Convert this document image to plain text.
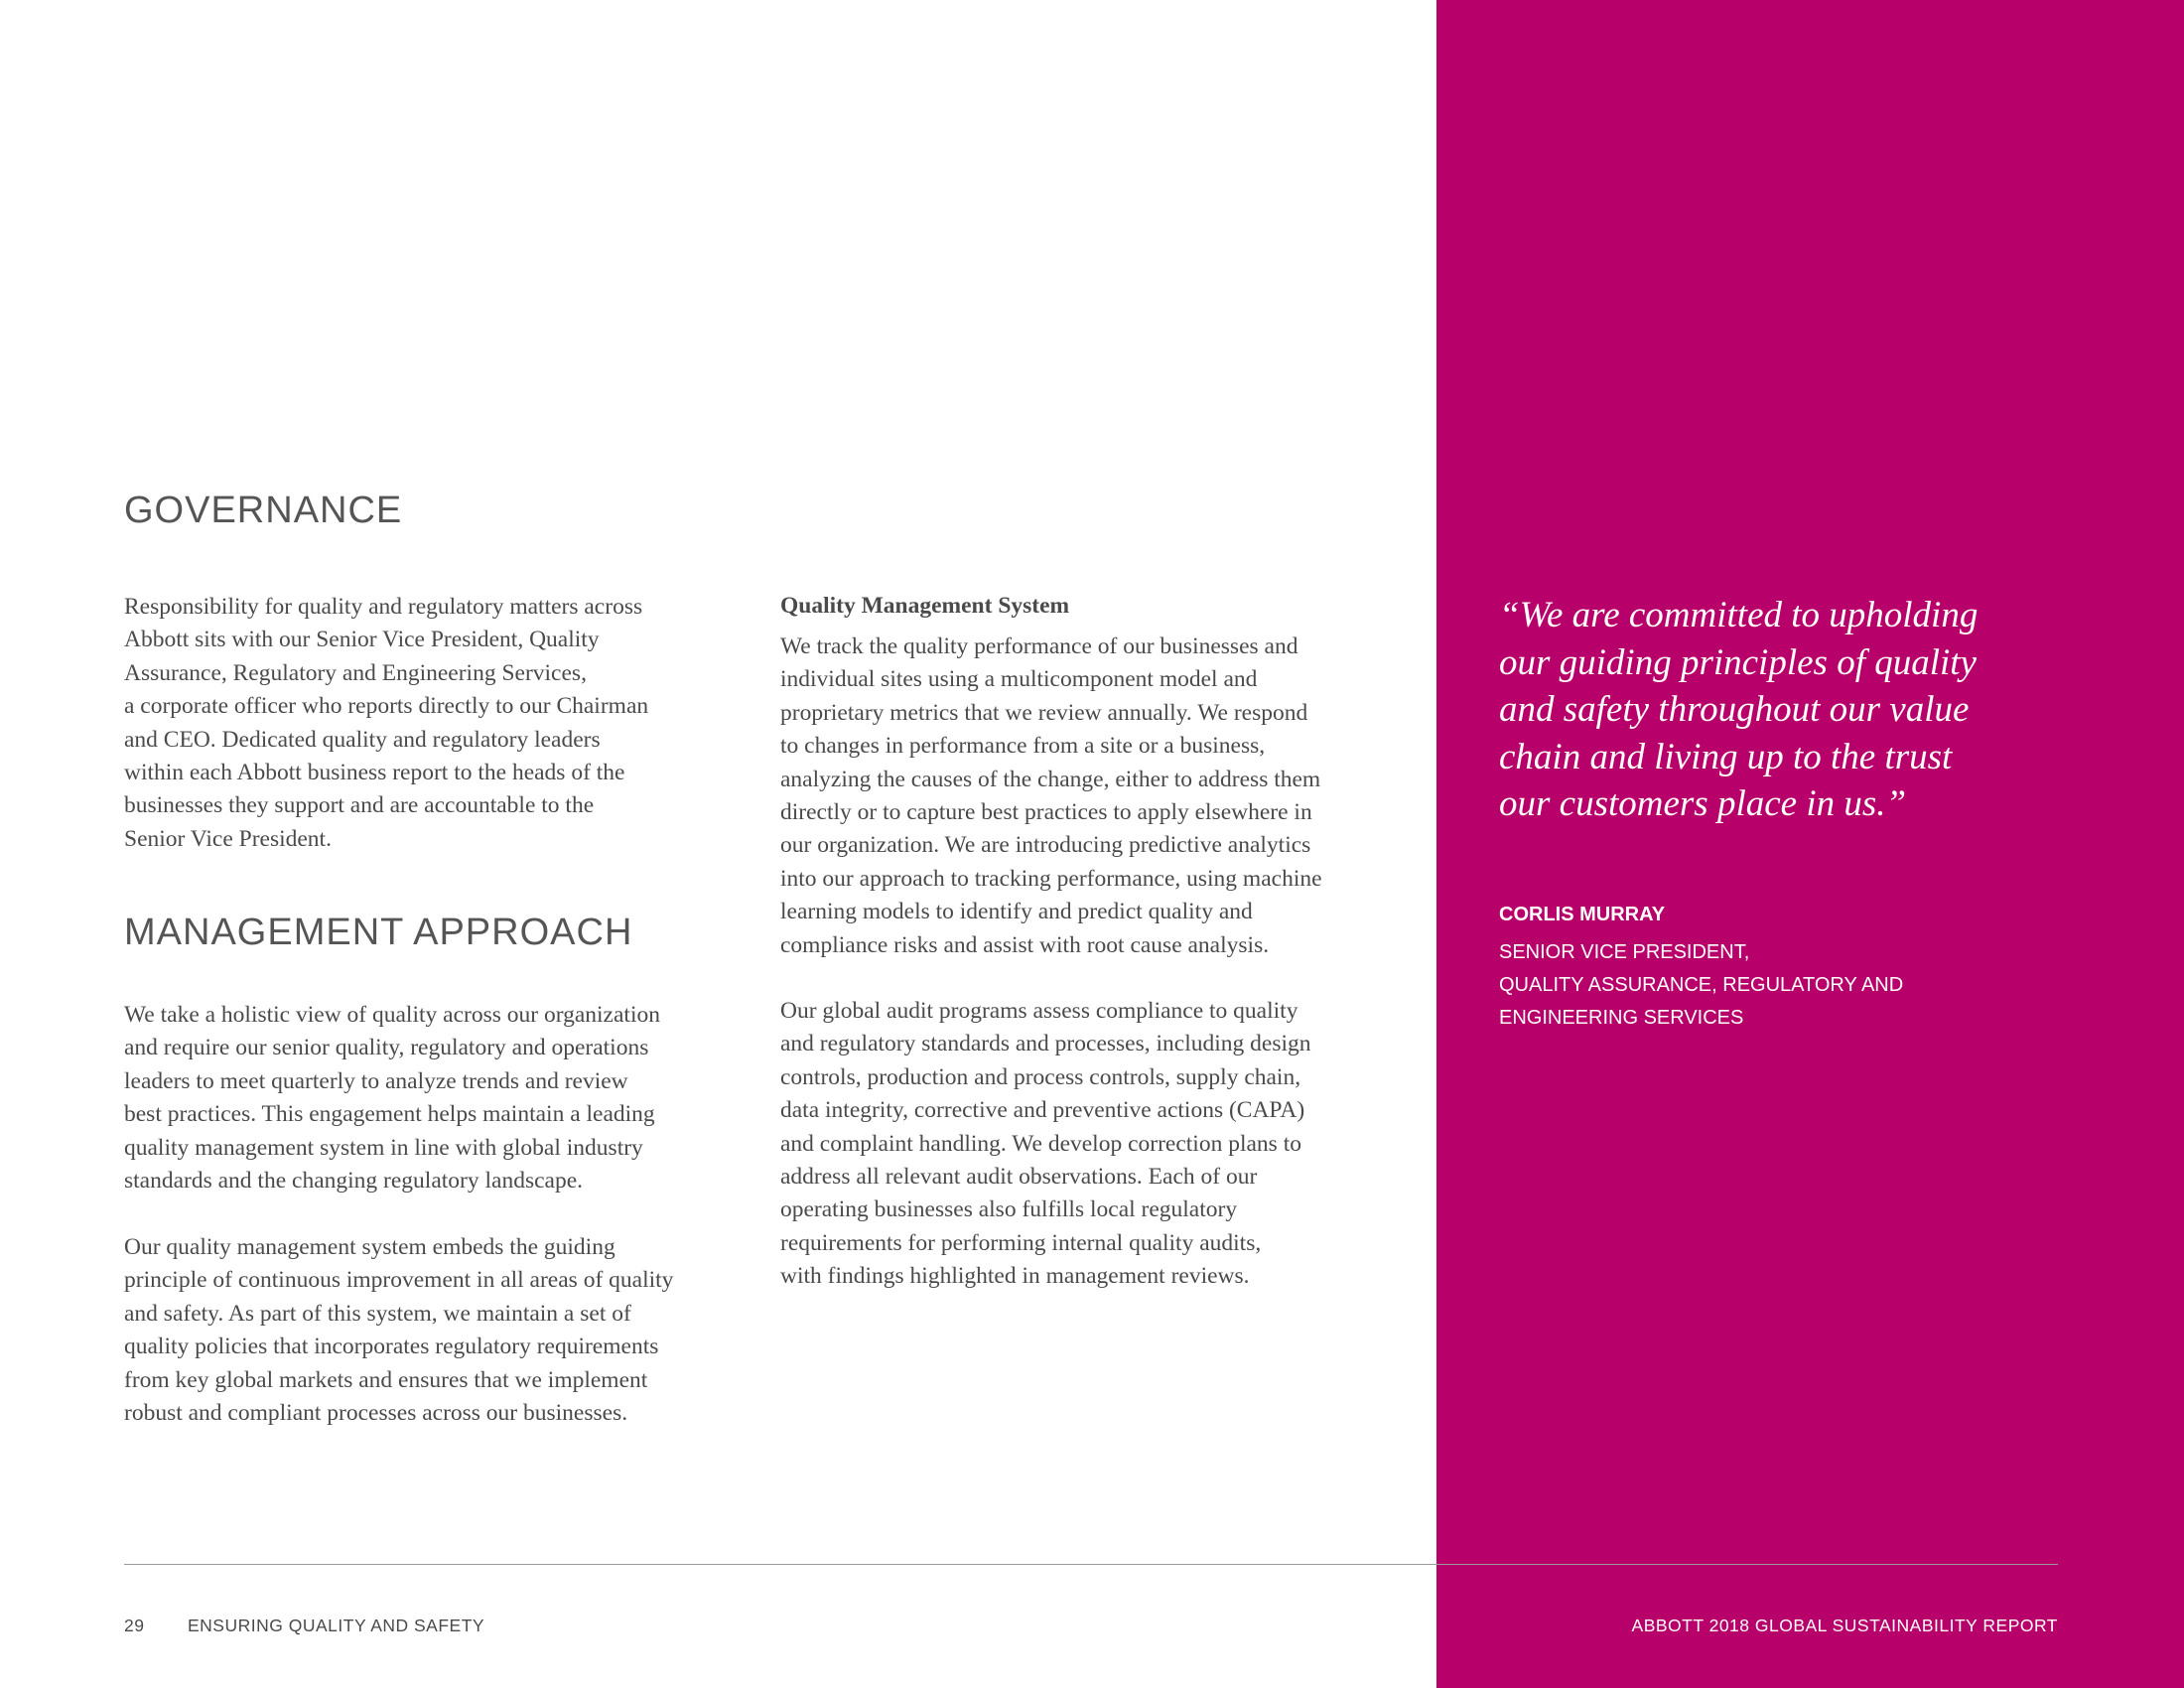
GOVERNANCE
Responsibility for quality and regulatory matters across
Abbott sits with our Senior Vice President, Quality
Assurance, Regulatory and Engineering Services,
a corporate officer who reports directly to our Chairman
and CEO. Dedicated quality and regulatory leaders
within each Abbott business report to the heads of the
businesses they support and are accountable to the
Senior Vice President.
MANAGEMENT APPROACH
We take a holistic view of quality across our organization
and require our senior quality, regulatory and operations
leaders to meet quarterly to analyze trends and review
best practices. This engagement helps maintain a leading
quality management system in line with global industry
standards and the changing regulatory landscape.
Our quality management system embeds the guiding
principle of continuous improvement in all areas of quality
and safety. As part of this system, we maintain a set of
quality policies that incorporates regulatory requirements
from key global markets and ensures that we implement
robust and compliant processes across our businesses.
Quality Management System
We track the quality performance of our businesses and
individual sites using a multicomponent model and
proprietary metrics that we review annually. We respond
to changes in performance from a site or a business,
analyzing the causes of the change, either to address them
directly or to capture best practices to apply elsewhere in
our organization. We are introducing predictive analytics
into our approach to tracking performance, using machine
learning models to identify and predict quality and
compliance risks and assist with root cause analysis.
Our global audit programs assess compliance to quality
and regulatory standards and processes, including design
controls, production and process controls, supply chain,
data integrity, corrective and preventive actions (CAPA)
and complaint handling. We develop correction plans to
address all relevant audit observations. Each of our
operating businesses also fulfills local regulatory
requirements for performing internal quality audits,
with findings highlighted in management reviews.
“We are committed to upholding
our guiding principles of quality
and safety throughout our value
chain and living up to the trust
our customers place in us.”

CORLIS MURRAY

SENIOR VICE PRESIDENT,
QUALITY ASSURANCE, REGULATORY AND
ENGINEERING SERVICES

29 ENSURING QUALITY AND SAFETY	ABBOTT 2018 GLOBAL SUSTAINABILITY REPORT
